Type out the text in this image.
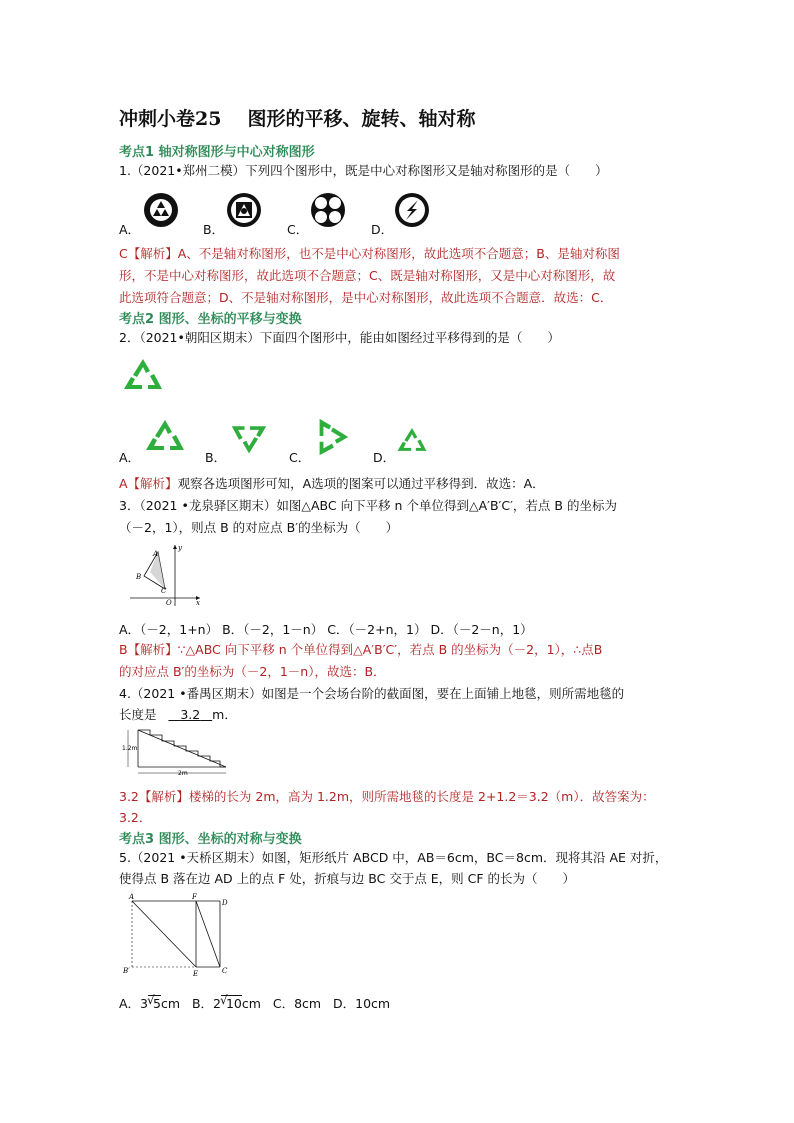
冲刺小卷25 图形的平移、旋转、轴对称
考点1 轴对称图形与中心对称图形
1.（2021•郑州二模）下列四个图形中，既是中心对称图形又是轴对称图形的是（　　）
A．	B．	C．	D．
C【解析】A、不是轴对称图形，也不是中心对称图形，故此选项不合题意；B、是轴对称图
形，不是中心对称图形，故此选项不合题意；C、既是轴对称图形，又是中心对称图形，故
此选项符合题意；D、不是轴对称图形，是中心对称图形，故此选项不合题意．故选：C．
考点2 图形、坐标的平移与变换
2．（2021•朝阳区期末）下面四个图形中，能由如图经过平移得到的是（　　）
A．	B．	C．	D．
A【解析】观察各选项图形可知，A选项的图案可以通过平移得到．故选：A．
3．（2021 •龙泉驿区期末）如图△ABC 向下平移 n 个单位得到△A′B′C′，若点 B 的坐标为
（－2，1），则点 B 的对应点 B′的坐标为（　　）
A
B
C
O	x
y
A．（－2，1+n） B．（－2，1－n） C．（－2+n，1） D．（－2－n，1）
B【解析】∵△ABC 向下平移 n 个单位得到△A′B′C′，若点 B 的坐标为（－2，1），∴点B
的对应点 B′的坐标为（－2，1－n），故选：B．
4.（2021 •番禺区期末）如图是一个会场台阶的截面图，要在上面铺上地毯，则所需地毯的
长度是 3.2 m．
1.2m
2m
3.2【解析】楼梯的长为 2m，高为 1.2m，则所需地毯的长度是 2+1.2＝3.2（m）．故答案为：
3.2．
考点3 图形、坐标的对称与变换
5.（2021 •天桥区期末）如图，矩形纸片 ABCD 中，AB＝6cm，BC＝8cm．现将其沿 AE 对折，
使得点 B 落在边 AD 上的点 F 处，折痕与边 BC 交于点 E，则 CF 的长为（　　）
A	F
D
B′	E	C
A．3 √
5cm B．2 √
10cm C．8cm D．10cm
